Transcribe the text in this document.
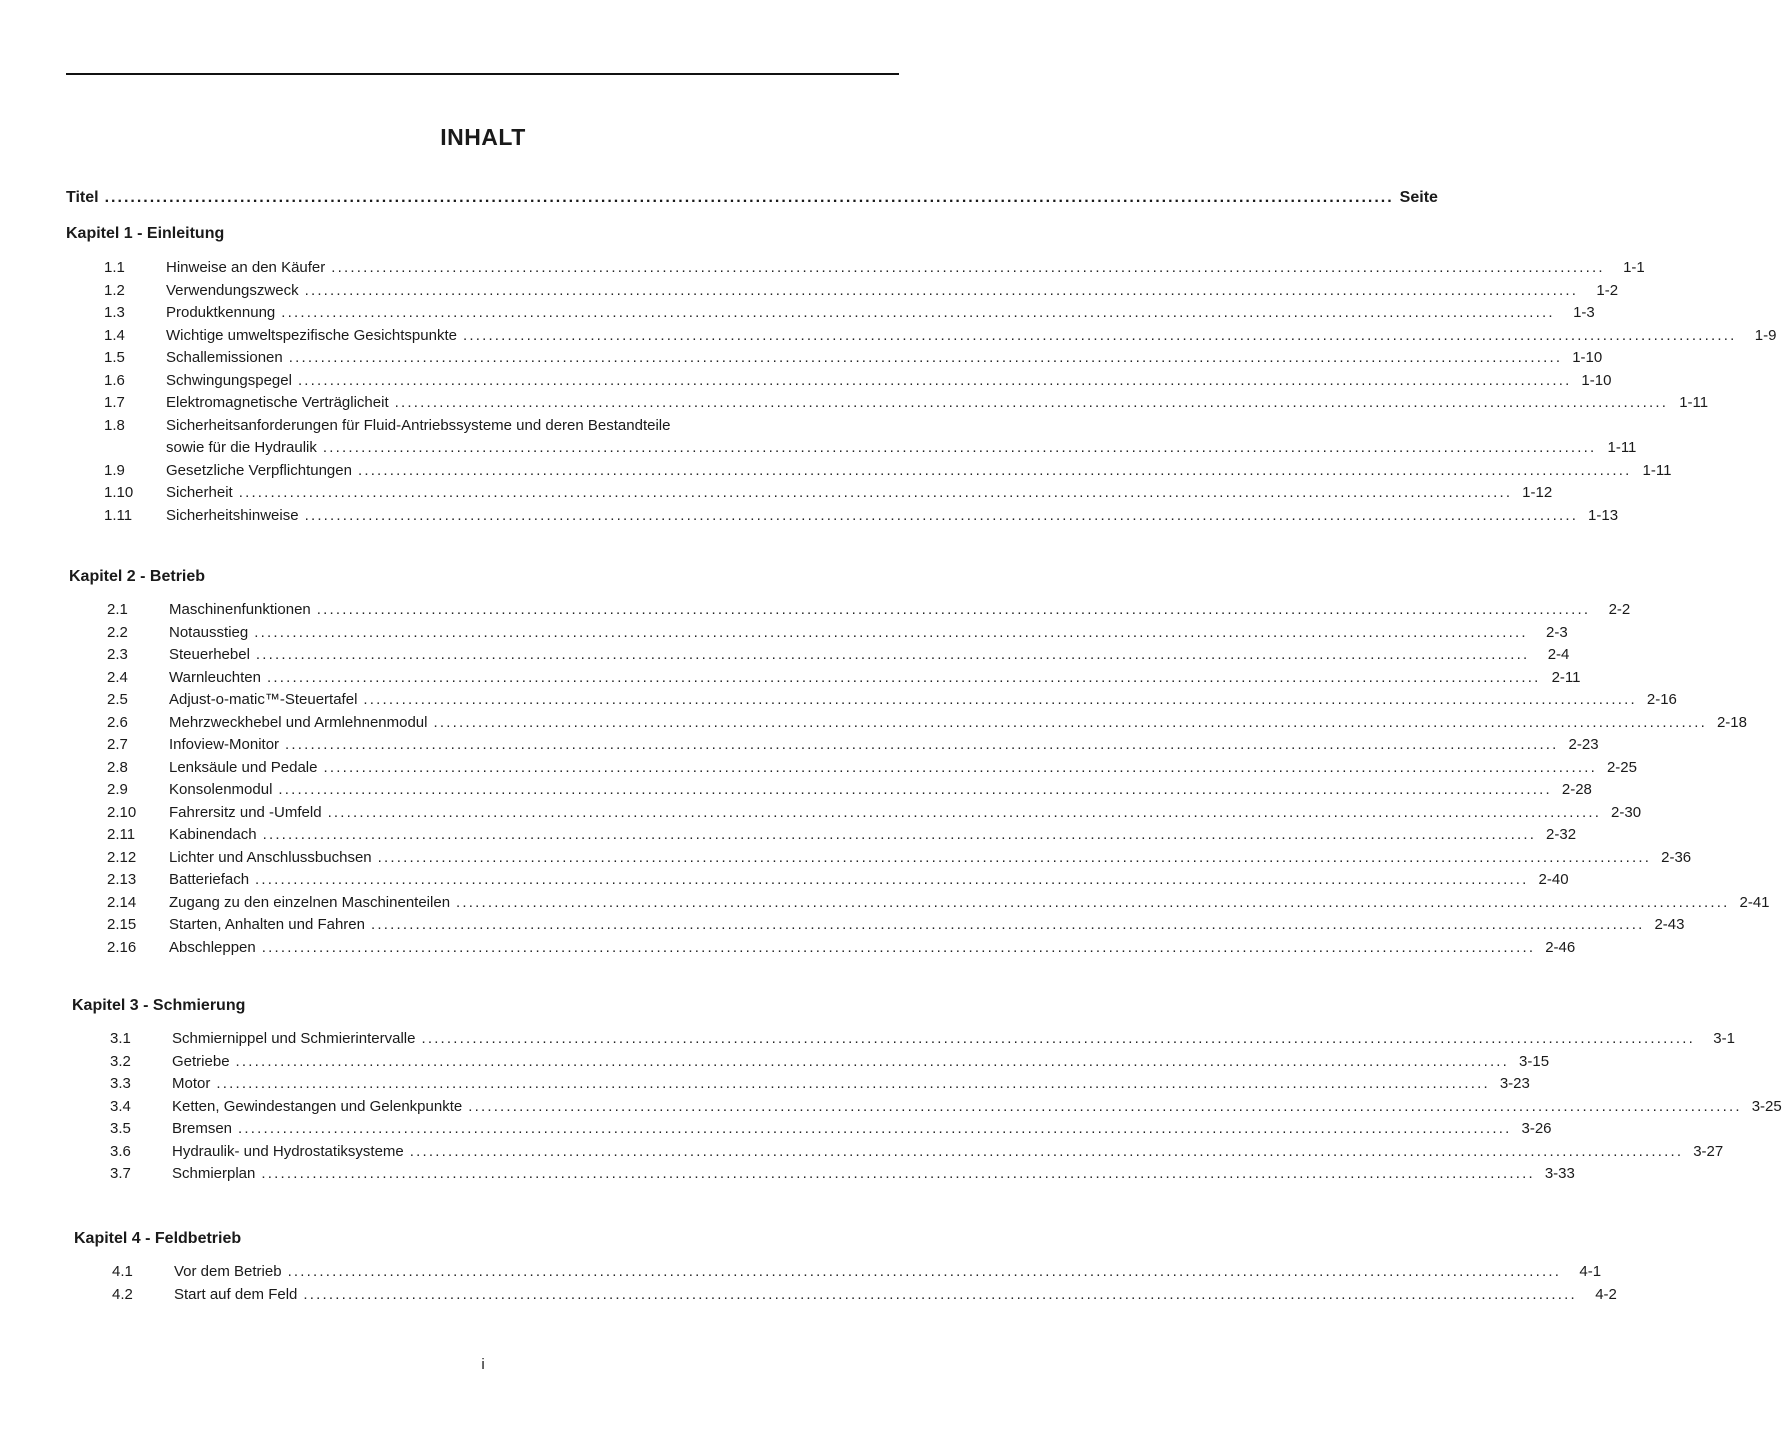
INHALT
Titel ........................................................................................................................................................................................................ Seite
Kapitel 1 - Einleitung
1.1	Hinweise an den Käufer ........................................................................................................................................................................................................	1-1
1.2	Verwendungszweck ........................................................................................................................................................................................................	1-2
1.3	Produktkennung ........................................................................................................................................................................................................	1-3
1.4	Wichtige umweltspezifische Gesichtspunkte ........................................................................................................................................................................................................	1-9
1.5	Schallemissionen ........................................................................................................................................................................................................ 1-10
1.6	Schwingungspegel ........................................................................................................................................................................................................ 1-10
1.7	Elektromagnetische Verträglicheit ........................................................................................................................................................................................................ 1-11
1.8	Sicherheitsanforderungen für Fluid-Antriebssysteme und deren Bestandteile
sowie für die Hydraulik ........................................................................................................................................................................................................ 1-11
1.9	Gesetzliche Verpflichtungen ........................................................................................................................................................................................................ 1-11
1.10	Sicherheit ........................................................................................................................................................................................................ 1-12
1.11	Sicherheitshinweise ........................................................................................................................................................................................................ 1-13
Kapitel 2 - Betrieb
2.1	Maschinenfunktionen ........................................................................................................................................................................................................	2-2
2.2	Notausstieg ........................................................................................................................................................................................................	2-3
2.3	Steuerhebel ........................................................................................................................................................................................................	2-4
2.4	Warnleuchten ........................................................................................................................................................................................................ 2-11
2.5	Adjust-o-matic™-Steuertafel ........................................................................................................................................................................................................ 2-16
2.6	Mehrzweckhebel und Armlehnenmodul ........................................................................................................................................................................................................ 2-18
2.7	Infoview-Monitor ........................................................................................................................................................................................................ 2-23
2.8	Lenksäule und Pedale ........................................................................................................................................................................................................ 2-25
2.9	Konsolenmodul ........................................................................................................................................................................................................ 2-28
2.10	Fahrersitz und -Umfeld ........................................................................................................................................................................................................ 2-30
2.11	Kabinendach ........................................................................................................................................................................................................ 2-32
2.12	Lichter und Anschlussbuchsen ........................................................................................................................................................................................................ 2-36
2.13	Batteriefach ........................................................................................................................................................................................................ 2-40
2.14	Zugang zu den einzelnen Maschinenteilen ........................................................................................................................................................................................................ 2-41
2.15	Starten, Anhalten und Fahren ........................................................................................................................................................................................................ 2-43
2.16	Abschleppen ........................................................................................................................................................................................................ 2-46
Kapitel 3 - Schmierung
3.1	Schmiernippel und Schmierintervalle ........................................................................................................................................................................................................	3-1
3.2	Getriebe ........................................................................................................................................................................................................ 3-15
3.3	Motor ........................................................................................................................................................................................................ 3-23
3.4	Ketten, Gewindestangen und Gelenkpunkte ........................................................................................................................................................................................................ 3-25
3.5	Bremsen ........................................................................................................................................................................................................ 3-26
3.6	Hydraulik- und Hydrostatiksysteme ........................................................................................................................................................................................................ 3-27
3.7	Schmierplan ........................................................................................................................................................................................................ 3-33
Kapitel 4 - Feldbetrieb
4.1	Vor dem Betrieb ........................................................................................................................................................................................................	4-1
4.2	Start auf dem Feld ........................................................................................................................................................................................................	4-2
i
